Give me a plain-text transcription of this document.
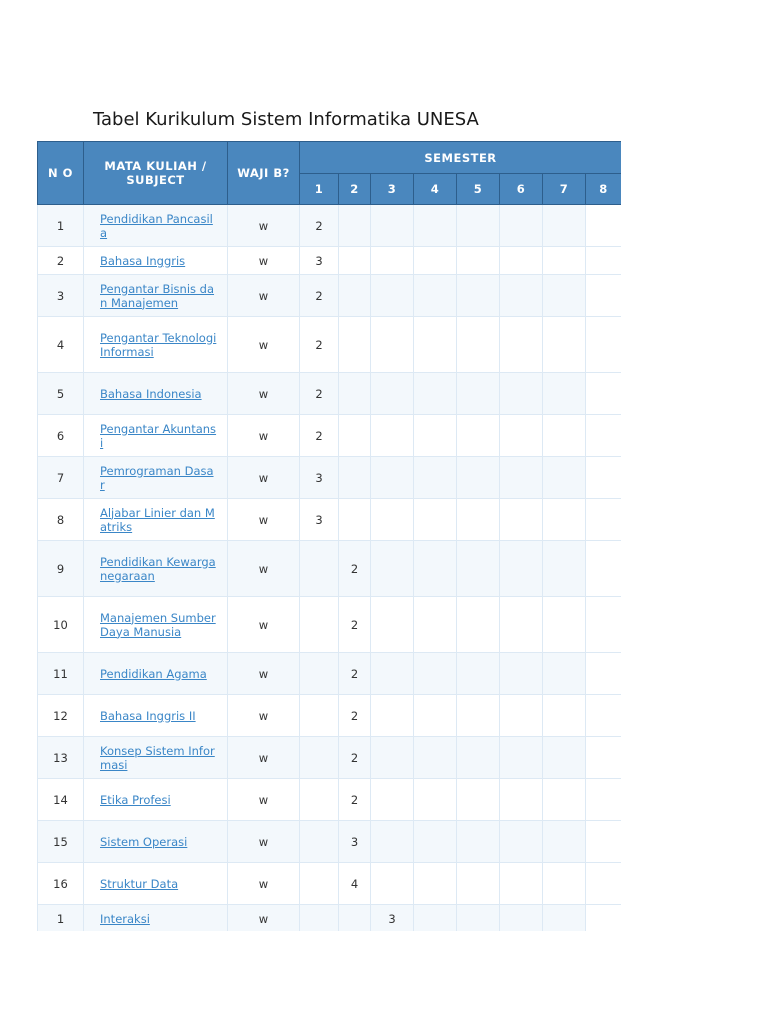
Tabel Kurikulum Sistem Informatika UNESA
N O	MATA KULIAH / SUBJECT	WAJI B?	SEMESTER							
			1	2	3	4	5	6	7	8
1	Pendidikan Pancasila	w	2							
2	Bahasa Inggris	w	3							
3	Pengantar Bisnis dan Manajemen	w	2							
4	Pengantar Teknologi Informasi	w	2							
5	Bahasa Indonesia	w	2							
6	Pengantar Akuntansi	w	2							
7	Pemrograman Dasar	w	3							
8	Aljabar Linier dan Matriks	w	3							
9	Pendidikan Kewarganegaraan	w		2						
10	Manajemen Sumber Daya Manusia	w		2						
11	Pendidikan Agama	w		2						
12	Bahasa Inggris II	w		2						
13	Konsep Sistem Informasi	w		2						
14	Etika Profesi	w		2						
15	Sistem Operasi	w		3						
16	Struktur Data	w		4						
1	Interaksi	w			3					
